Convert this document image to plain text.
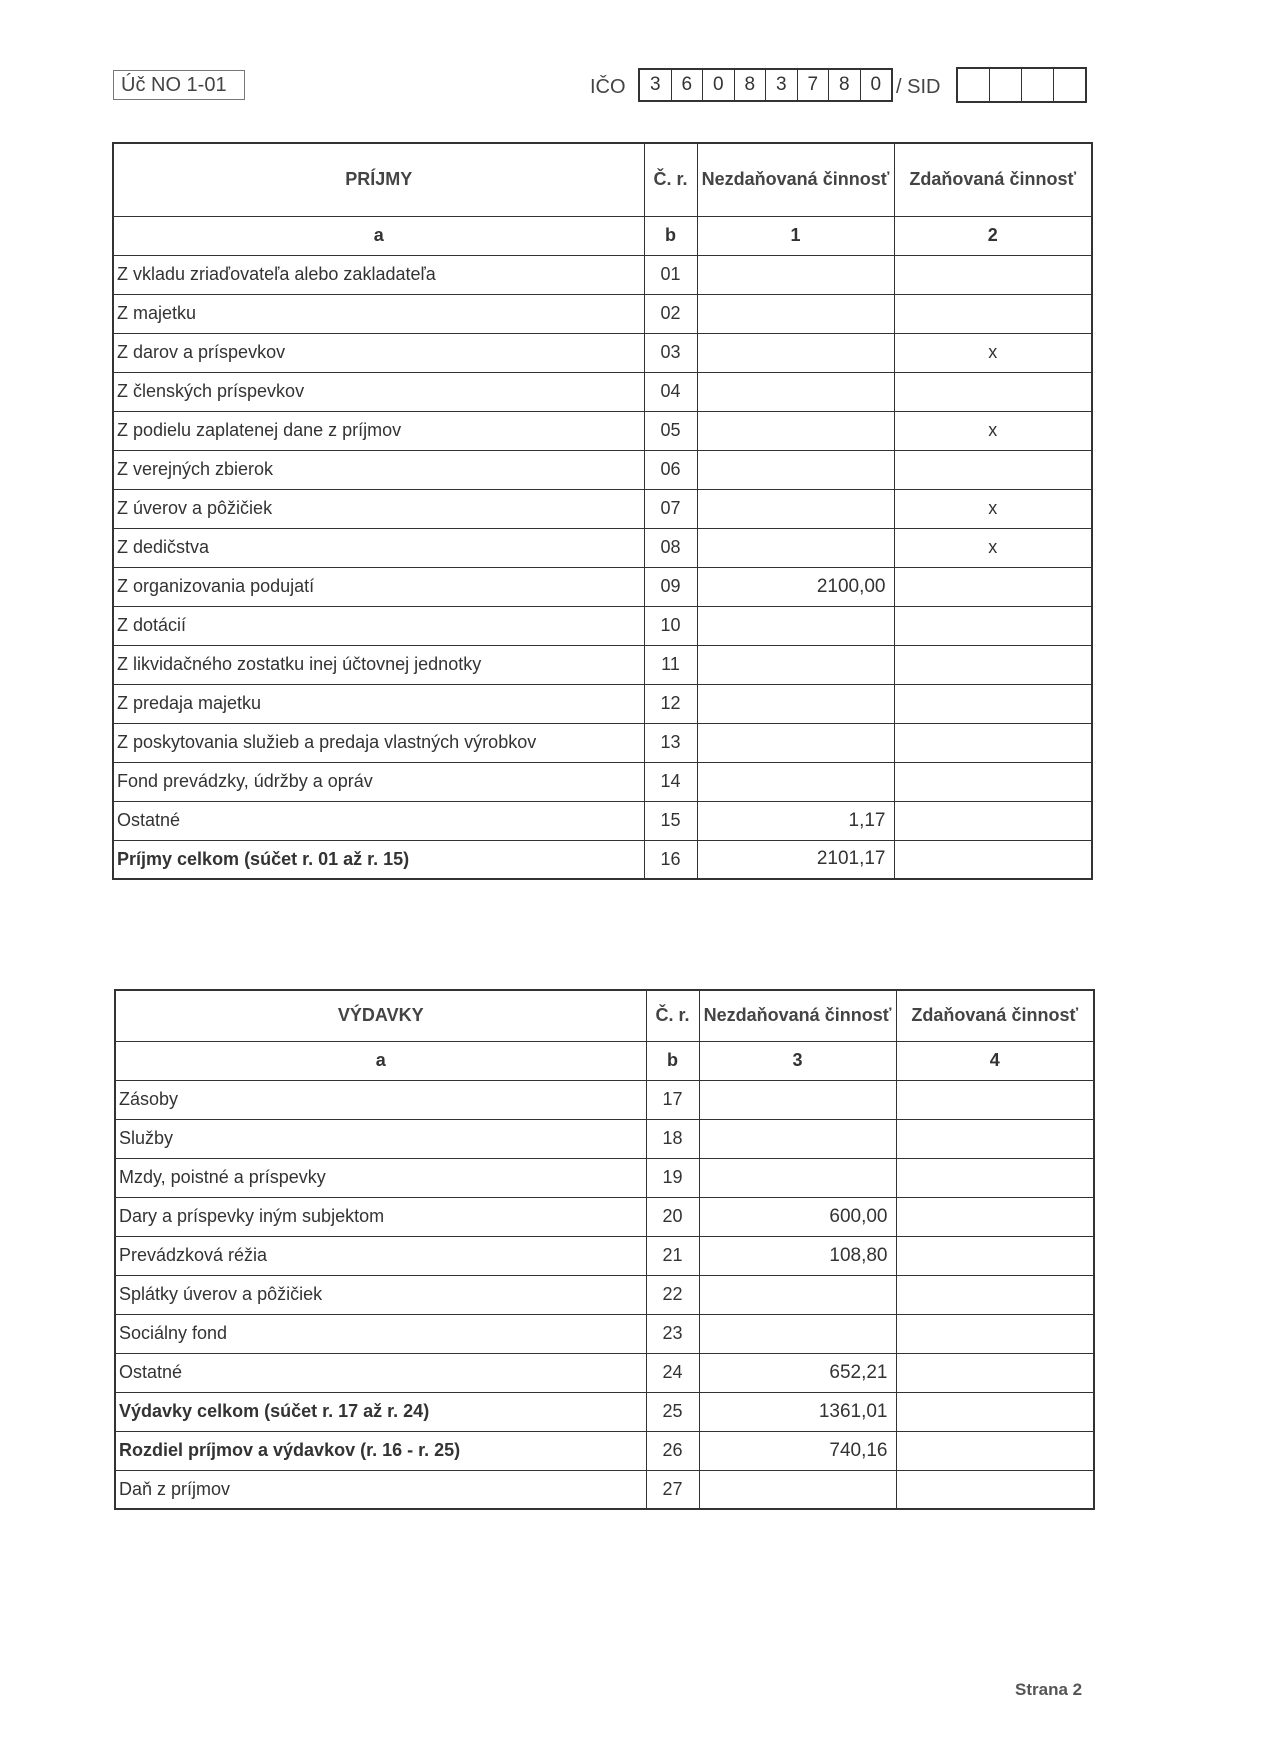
Úč NO 1-01	IČO	3	6	0	8	3	7	8	0 / SID
PRÍJMY	Č. r.	Nezdaňovaná činnosť	Zdaňovaná činnosť
a	b	1	2
Z vkladu zriaďovateľa alebo zakladateľa	01		
Z majetku	02		
Z darov a príspevkov	03		x
Z členských príspevkov	04		
Z podielu zaplatenej dane z príjmov	05		x
Z verejných zbierok	06		
Z úverov a pôžičiek	07		x
Z dedičstva	08		x
Z organizovania podujatí	09	2100,00	
Z dotácií	10		
Z likvidačného zostatku inej účtovnej jednotky	11		
Z predaja majetku	12		
Z poskytovania služieb a predaja vlastných výrobkov	13		
Fond prevádzky, údržby a opráv	14		
Ostatné	15	1,17	
Príjmy celkom (súčet r. 01 až r. 15)	16	2101,17	
VÝDAVKY	Č. r.	Nezdaňovaná činnosť	Zdaňovaná činnosť
a	b	3	4
Zásoby	17		
Služby	18		
Mzdy, poistné a príspevky	19		
Dary a príspevky iným subjektom	20	600,00	
Prevádzková réžia	21	108,80	
Splátky úverov a pôžičiek	22		
Sociálny fond	23		
Ostatné	24	652,21	
Výdavky celkom (súčet r. 17 až r. 24)	25	1361,01	
Rozdiel príjmov a výdavkov (r. 16 - r. 25)	26	740,16	
Daň z príjmov	27		
Strana 2
